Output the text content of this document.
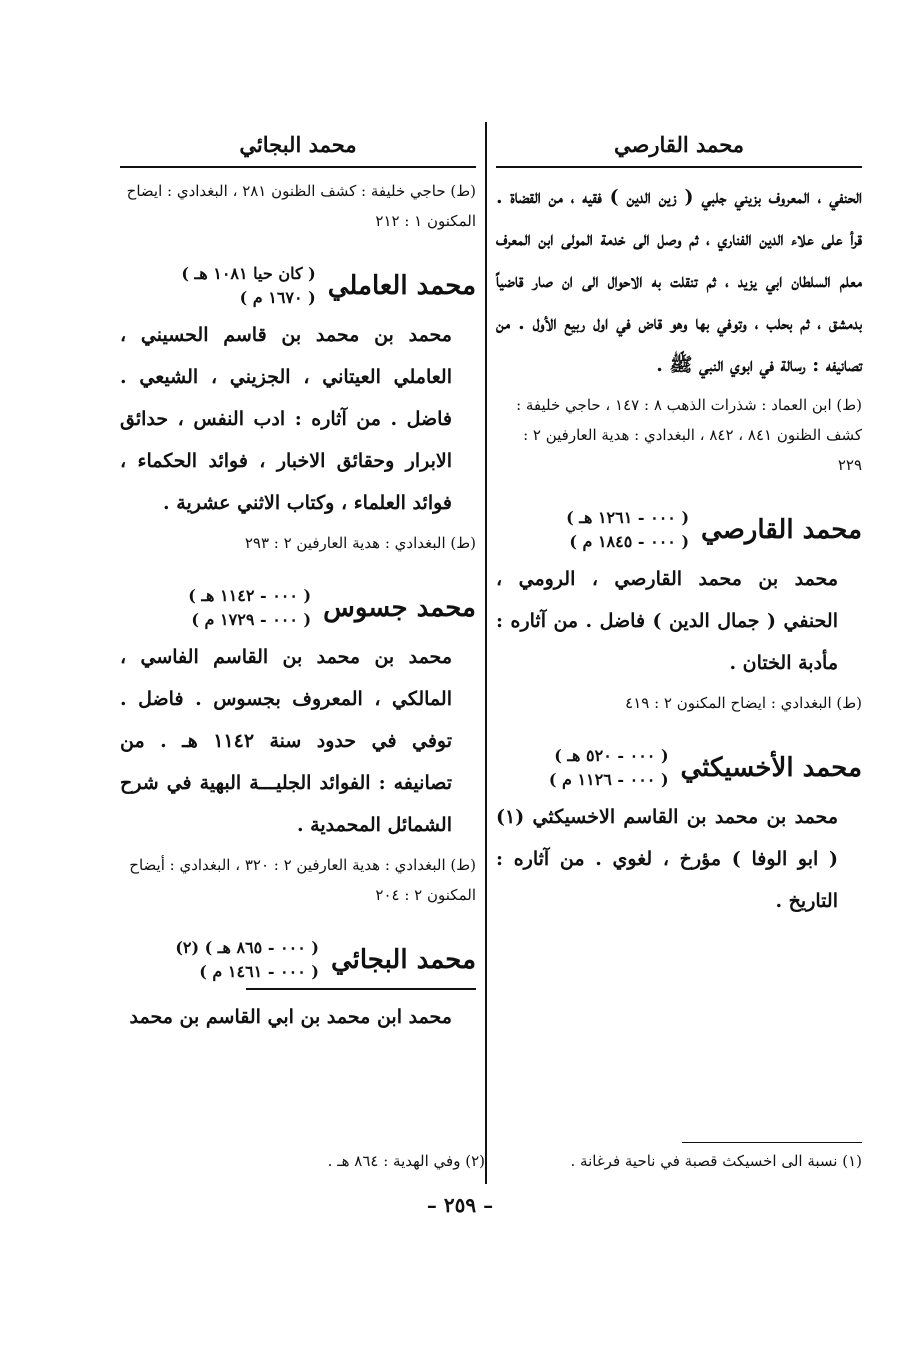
محمد القارصي
الحنفي ، المعروف بزيني جلبي ( زين الدين ) فقيه ، من القضاة . قرأ على علاء الدين الفناري ، ثم وصل الى خدمة المولى ابن المعرف معلم السلطان ابي يزيد ، ثم تنقلت به الاحوال الى ان صار قاضياً بدمشق ، ثم بحلب ، وتوفي بها وهو قاض في اول ربيع الأول . من تصانيفه : رسالة في ابوي النبي ﷺ .
(ط) ابن العماد : شذرات الذهب ٨ : ١٤٧ ، حاجي خليفة : كشف الظنون ٨٤١ ، ٨٤٢ ، البغدادي : هدية العارفين ٢ : ٢٢٩
محمد القارصي
( ٠٠٠ - ١٢٦١ هـ )
( ٠٠٠ - ١٨٤٥ م )
محمد بن محمد القارصي ، الرومي ، الحنفي ( جمال الدين ) فاضل . من آثاره : مأدبة الختان .
(ط) البغدادي : ايضاح المكنون ٢ : ٤١٩
محمد الأخسيكثي
( ٠٠٠ - ٥٢٠ هـ )
( ٠٠٠ - ١١٢٦ م )
محمد بن محمد بن القاسم الاخسيكثي (١) ( ابو الوفا ) مؤرخ ، لغوي . من آثاره : التاريخ .
محمد البجائي
(ط) حاجي خليفة : كشف الظنون ٢٨١ ، البغدادي : ايضاح المكنون ١ : ٢١٢
محمد العاملي
( كان حيا ١٠٨١ هـ )
( ١٦٧٠ م )
محمد بن محمد بن قاسم الحسيني ، العاملي العيتاني ، الجزيني ، الشيعي . فاضل . من آثاره : ادب النفس ، حدائق الابرار وحقائق الاخبار ، فوائد الحكماء ، فوائد العلماء ، وكتاب الاثني عشرية .
(ط) البغدادي : هدية العارفين ٢ : ٢٩٣
محمد جسوس
( ٠٠٠ - ١١٤٢ هـ )
( ٠٠٠ - ١٧٢٩ م )
محمد بن محمد بن القاسم الفاسي ، المالكي ، المعروف بجسوس . فاضل . توفي في حدود سنة ١١٤٢ هـ . من تصانيفه : الفوائد الجليـــة البهية في شرح الشمائل المحمدية .
(ط) البغدادي : هدية العارفين ٢ : ٣٢٠ ، البغدادي : أيضاح المكنون ٢ : ٢٠٤
محمد البجائي
( ٠٠٠ - ٨٦٥ هـ ) (٢)
( ٠٠٠ - ١٤٦١ م )
محمد ابن محمد بن ابي القاسم بن محمد
(١) نسبة الى اخسيكث قصبة في ناحية فرغانة .
(٢) وفي الهدية : ٨٦٤ هـ .
– ٢٥٩ –
